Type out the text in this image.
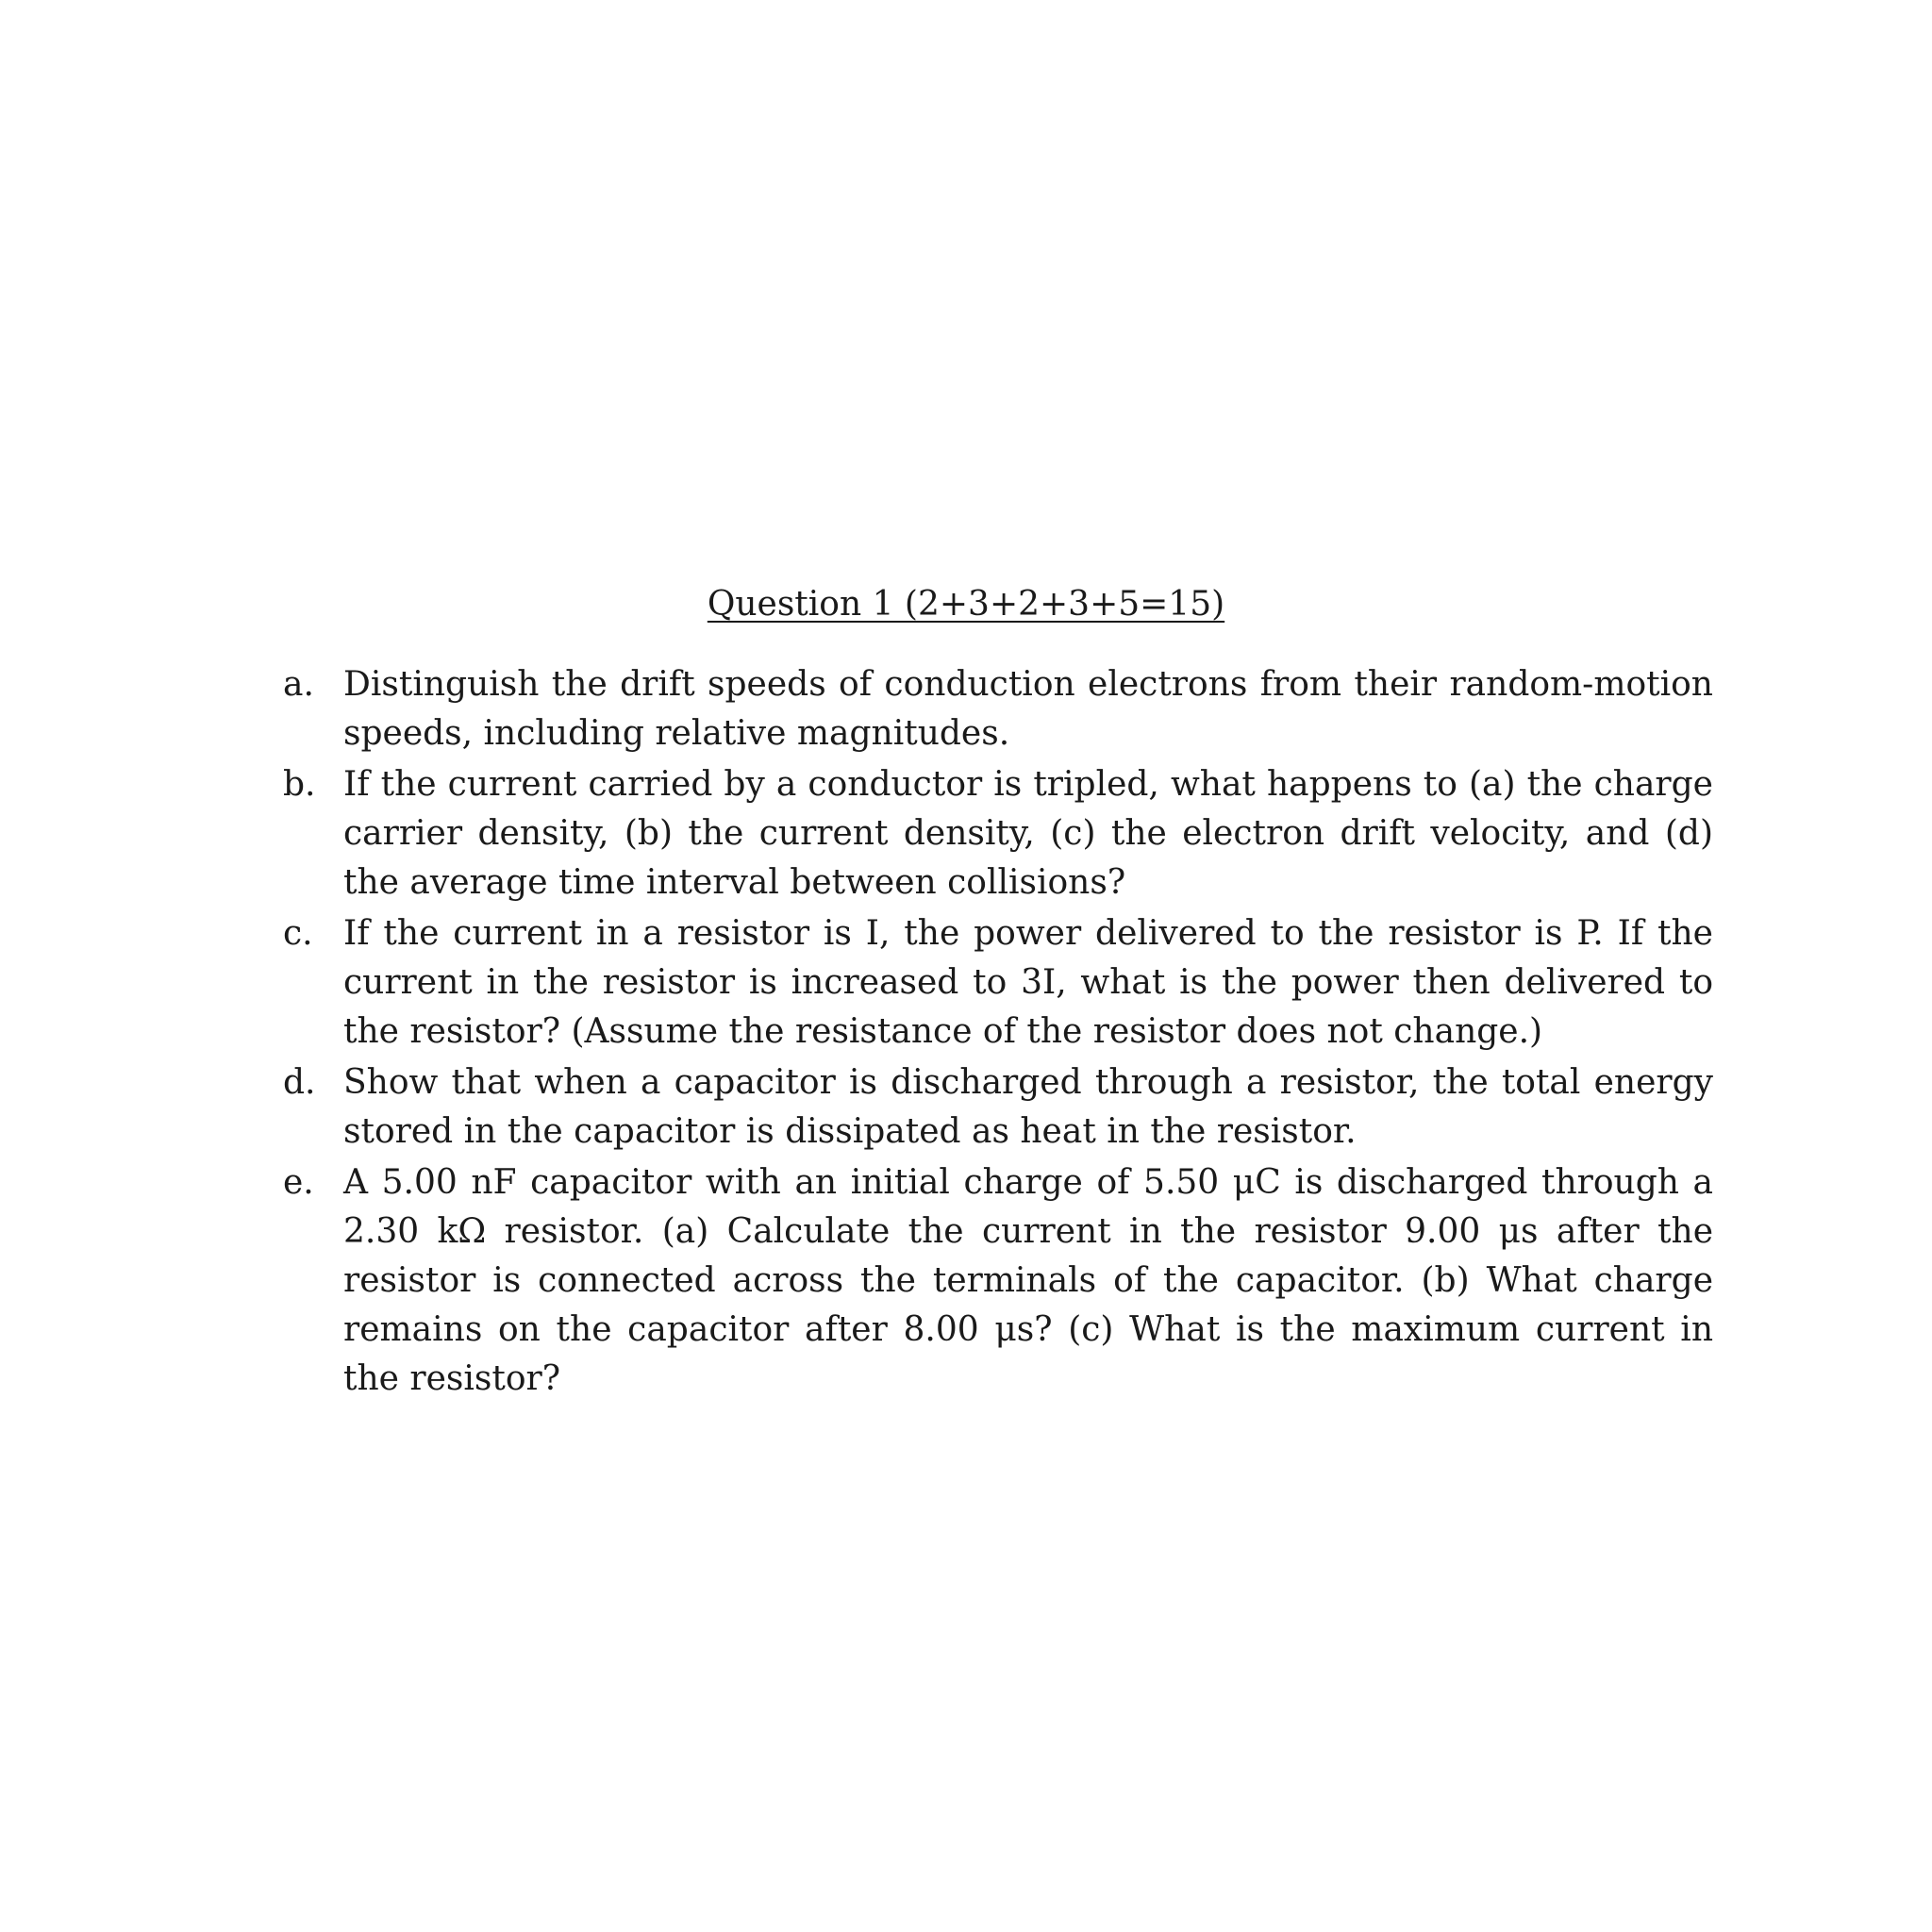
Question 1 (2+3+2+3+5=15)
a. Distinguish the drift speeds of conduction electrons from their random-motion speeds, including relative magnitudes.
b. If the current carried by a conductor is tripled, what happens to (a) the charge carrier density, (b) the current density, (c) the electron drift velocity, and (d) the average time interval between collisions?
c. If the current in a resistor is I, the power delivered to the resistor is P. If the current in the resistor is increased to 3I, what is the power then delivered to the resistor? (Assume the resistance of the resistor does not change.)
d. Show that when a capacitor is discharged through a resistor, the total energy stored in the capacitor is dissipated as heat in the resistor.
e. A 5.00 nF capacitor with an initial charge of 5.50 μC is discharged through a 2.30 kΩ resistor. (a) Calculate the current in the resistor 9.00 μs after the resistor is connected across the terminals of the capacitor. (b) What charge remains on the capacitor after 8.00 μs? (c) What is the maximum current in the resistor?
